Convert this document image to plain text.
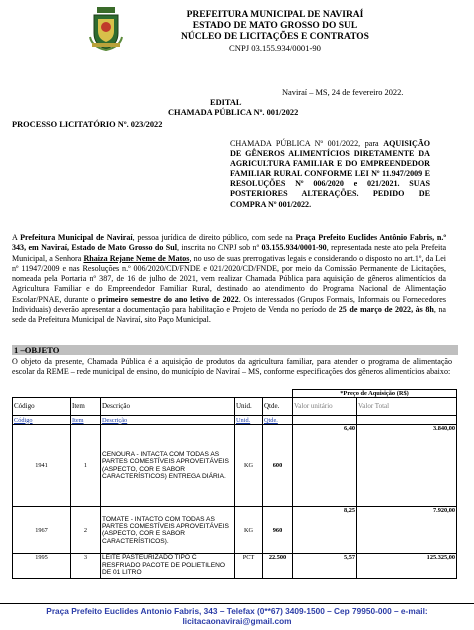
PREFEITURA MUNICIPAL DE NAVIRAÍ
ESTADO DE MATO GROSSO DO SUL
NÚCLEO DE LICITAÇÕES E CONTRATOS
CNPJ 03.155.934/0001-90
Naviraí – MS, 24 de fevereiro 2022.
EDITAL
CHAMADA PÚBLICA Nº. 001/2022
PROCESSO LICITATÓRIO Nº. 023/2022
CHAMADA PÚBLICA Nº 001/2022, para AQUISIÇÃO DE GÊNEROS ALIMENTÍCIOS DIRETAMENTE DA AGRICULTURA FAMILIAR E DO EMPREENDEDOR FAMILIAR RURAL CONFORME LEI Nº 11.947/2009 E RESOLUÇÕES Nº 006/2020 e 021/2021. SUAS POSTERIORES ALTERAÇÕES. PEDIDO DE COMPRA Nº 001/2022.
A Prefeitura Municipal de Naviraí, pessoa jurídica de direito público, com sede na Praça Prefeito Euclides Antônio Fabris, n.º 343, em Naviraí, Estado de Mato Grosso do Sul, inscrita no CNPJ sob nº 03.155.934/0001-90, representada neste ato pela Prefeita Municipal, a Senhora Rhaiza Rejane Neme de Matos, no uso de suas prerrogativas legais e considerando o disposto no art.1º, da Lei nº 11947/2009 e nas Resoluções n.º 006/2020/CD/FNDE e 021/2020/CD/FNDE, por meio da Comissão Permanente de Licitações, nomeada pela Portaria nº 387, de 16 de julho de 2021, vem realizar Chamada Pública para aquisição de gêneros alimentícios da Agricultura Familiar e do Empreendedor Familiar Rural, destinado ao atendimento do Programa Nacional de Alimentação Escolar/PNAE, durante o primeiro semestre do ano letivo de 2022. Os interessados (Grupos Formais, Informais ou Fornecedores Individuais) deverão apresentar a documentação para habilitação e Projeto de Venda no período de 25 de março de 2022, às 8h, na sede da Prefeitura Municipal de Naviraí, sito Paço Municipal.
1 –OBJETO
O objeto da presente, Chamada Pública é a aquisição de produtos da agricultura familiar, para atender o programa de alimentação escolar da REME – rede municipal de ensino, do município de Naviraí – MS, conforme especificações dos gêneros alimentícios abaixo:
					*Preço de Aquisição (R$)	
Código	Item	Descrição	Unid.	Qtde.	Valor unitário	Valor Total
Código	Item	Descrição	Unid.	Qtde.		
1941	1	CENOURA - INTACTA COM TODAS AS PARTES COMESTÍVEIS APROVEITÁVEIS (ASPECTO, COR E SABOR CARACTERÍSTICOS) ENTREGA DIÁRIA.	KG	600	6,40	3.840,00
1967	2	TOMATE - INTACTO COM TODAS AS PARTES COMESTÍVEIS APROVEITÁVEIS (ASPECTO, COR E SABOR CARACTERÍSTICOS).	KG	960	8,25	7.920,00
1995	3	LEITE PASTEURIZADO TIPO C RESFRIADO PACOTE DE POLIETILENO DE 01 LITRO	PCT	22.500	5,57	125.325,00
Praça Prefeito Euclides Antonio Fabris, 343 – Telefax (0**67) 3409-1500 – Cep 79950-000 – e-mail:
licitacaonavirai@gmail.com
